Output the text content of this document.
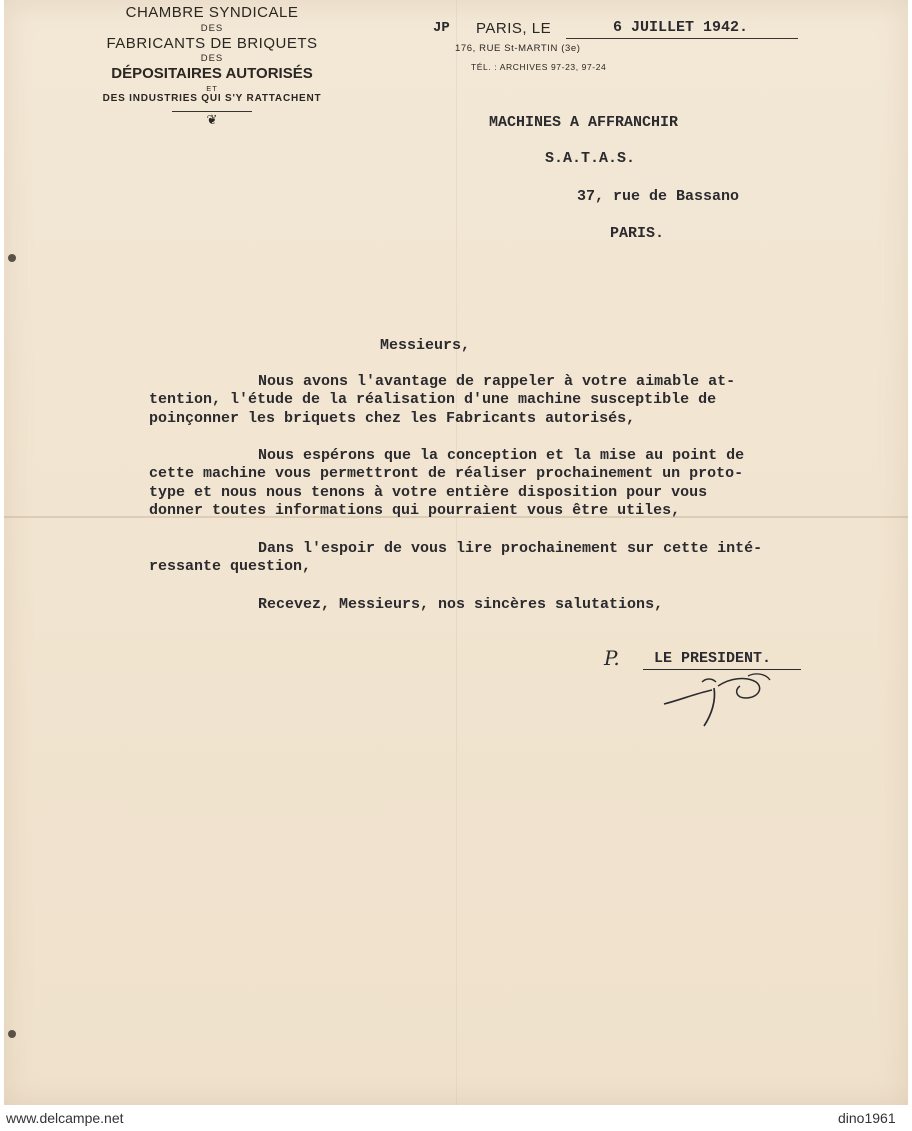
CHAMBRE SYNDICALE
DES
FABRICANTS DE BRIQUETS
DES
DÉPOSITAIRES AUTORISÉS
ET
DES INDUSTRIES QUI S'Y RATTACHENT
❦
JP PARIS, LE	6 JUILLET 1942.
176, RUE St-MARTIN (3e)
TÉL. : ARCHIVES 97-23, 97-24
MACHINES A AFFRANCHIR
S.A.T.A.S.
37, rue de Bassano
PARIS.
Messieurs,
Nous avons l'avantage de rappeler à votre aimable at-
tention, l'étude de la réalisation d'une machine susceptible de
poinçonner les briquets chez les Fabricants autorisés,
Nous espérons que la conception et la mise au point de
cette machine vous permettront de réaliser prochainement un proto-
type et nous nous tenons à votre entière disposition pour vous
donner toutes informations qui pourraient vous être utiles,
Dans l'espoir de vous lire prochainement sur cette inté-
ressante question,
Recevez, Messieurs, nos sincères salutations,
P. LE PRESIDENT.
www.delcampe.net	dino1961
